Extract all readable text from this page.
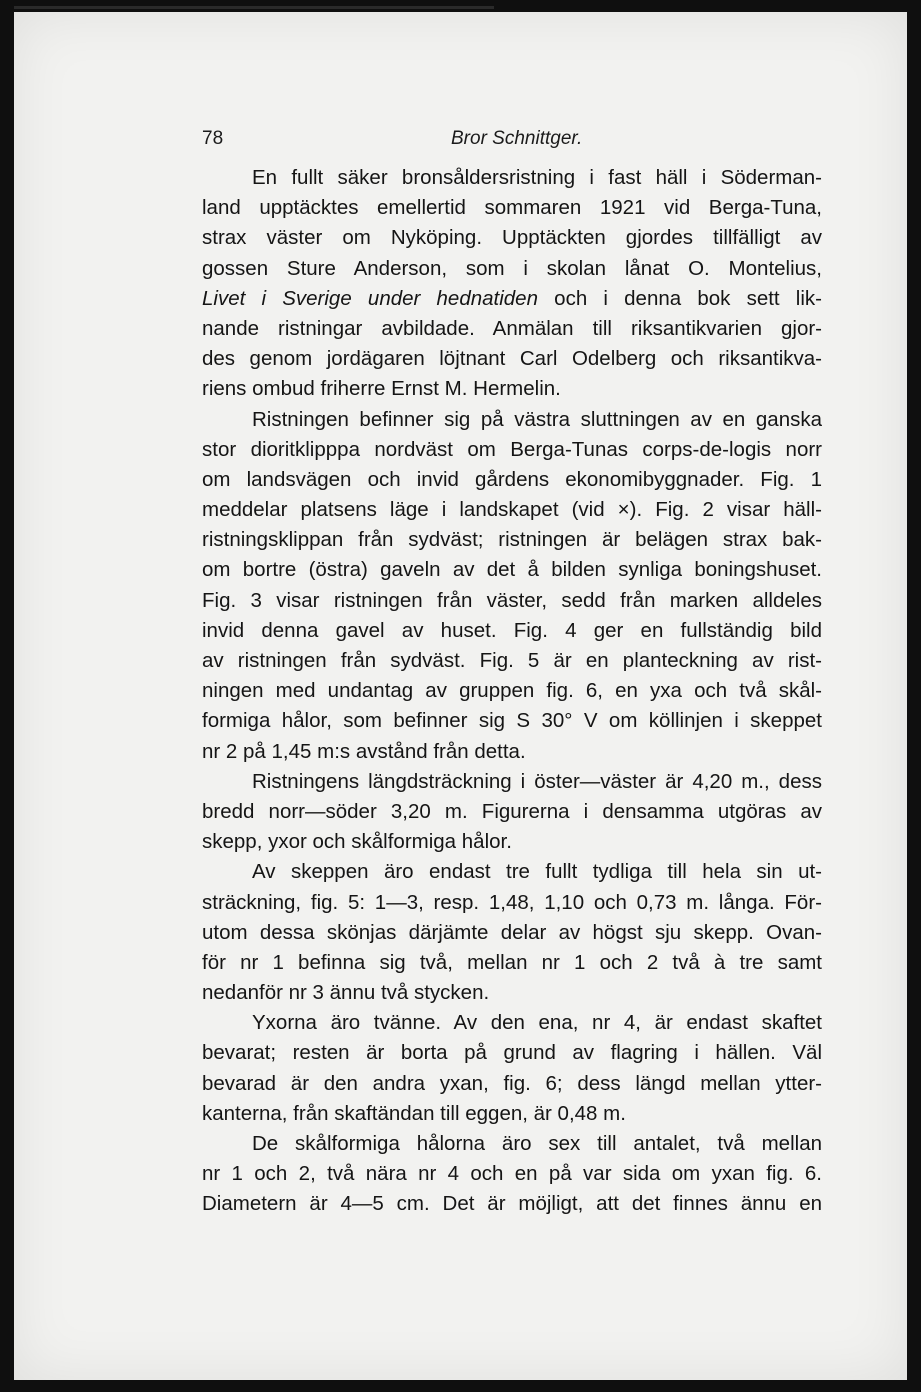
78	Bror Schnittger.
En fullt säker bronsåldersristning i fast häll i Söderman-
land upptäcktes emellertid sommaren 1921 vid Berga-Tuna,
strax väster om Nyköping. Upptäckten gjordes tillfälligt av
gossen Sture Anderson, som i skolan lånat O. Montelius,
Livet i Sverige under hednatiden och i denna bok sett lik-
nande ristningar avbildade. Anmälan till riksantikvarien gjor-
des genom jordägaren löjtnant Carl Odelberg och riksantikva-
riens ombud friherre Ernst M. Hermelin.
Ristningen befinner sig på västra sluttningen av en ganska
stor dioritklipppa nordväst om Berga-Tunas corps-de-logis norr
om landsvägen och invid gårdens ekonomibyggnader. Fig. 1
meddelar platsens läge i landskapet (vid ×). Fig. 2 visar häll-
ristningsklippan från sydväst; ristningen är belägen strax bak-
om bortre (östra) gaveln av det å bilden synliga boningshuset.
Fig. 3 visar ristningen från väster, sedd från marken alldeles
invid denna gavel av huset. Fig. 4 ger en fullständig bild
av ristningen från sydväst. Fig. 5 är en planteckning av rist-
ningen med undantag av gruppen fig. 6, en yxa och två skål-
formiga hålor, som befinner sig S 30° V om köllinjen i skeppet
nr 2 på 1,45 m:s avstånd från detta.
Ristningens längdsträckning i öster—väster är 4,20 m., dess
bredd norr—söder 3,20 m. Figurerna i densamma utgöras av
skepp, yxor och skålformiga hålor.
Av skeppen äro endast tre fullt tydliga till hela sin ut-
sträckning, fig. 5: 1—3, resp. 1,48, 1,10 och 0,73 m. långa. För-
utom dessa skönjas därjämte delar av högst sju skepp. Ovan-
för nr 1 befinna sig två, mellan nr 1 och 2 två à tre samt
nedanför nr 3 ännu två stycken.
Yxorna äro tvänne. Av den ena, nr 4, är endast skaftet
bevarat; resten är borta på grund av flagring i hällen. Väl
bevarad är den andra yxan, fig. 6; dess längd mellan ytter-
kanterna, från skaftändan till eggen, är 0,48 m.
De skålformiga hålorna äro sex till antalet, två mellan
nr 1 och 2, två nära nr 4 och en på var sida om yxan fig. 6.
Diametern är 4—5 cm. Det är möjligt, att det finnes ännu en
